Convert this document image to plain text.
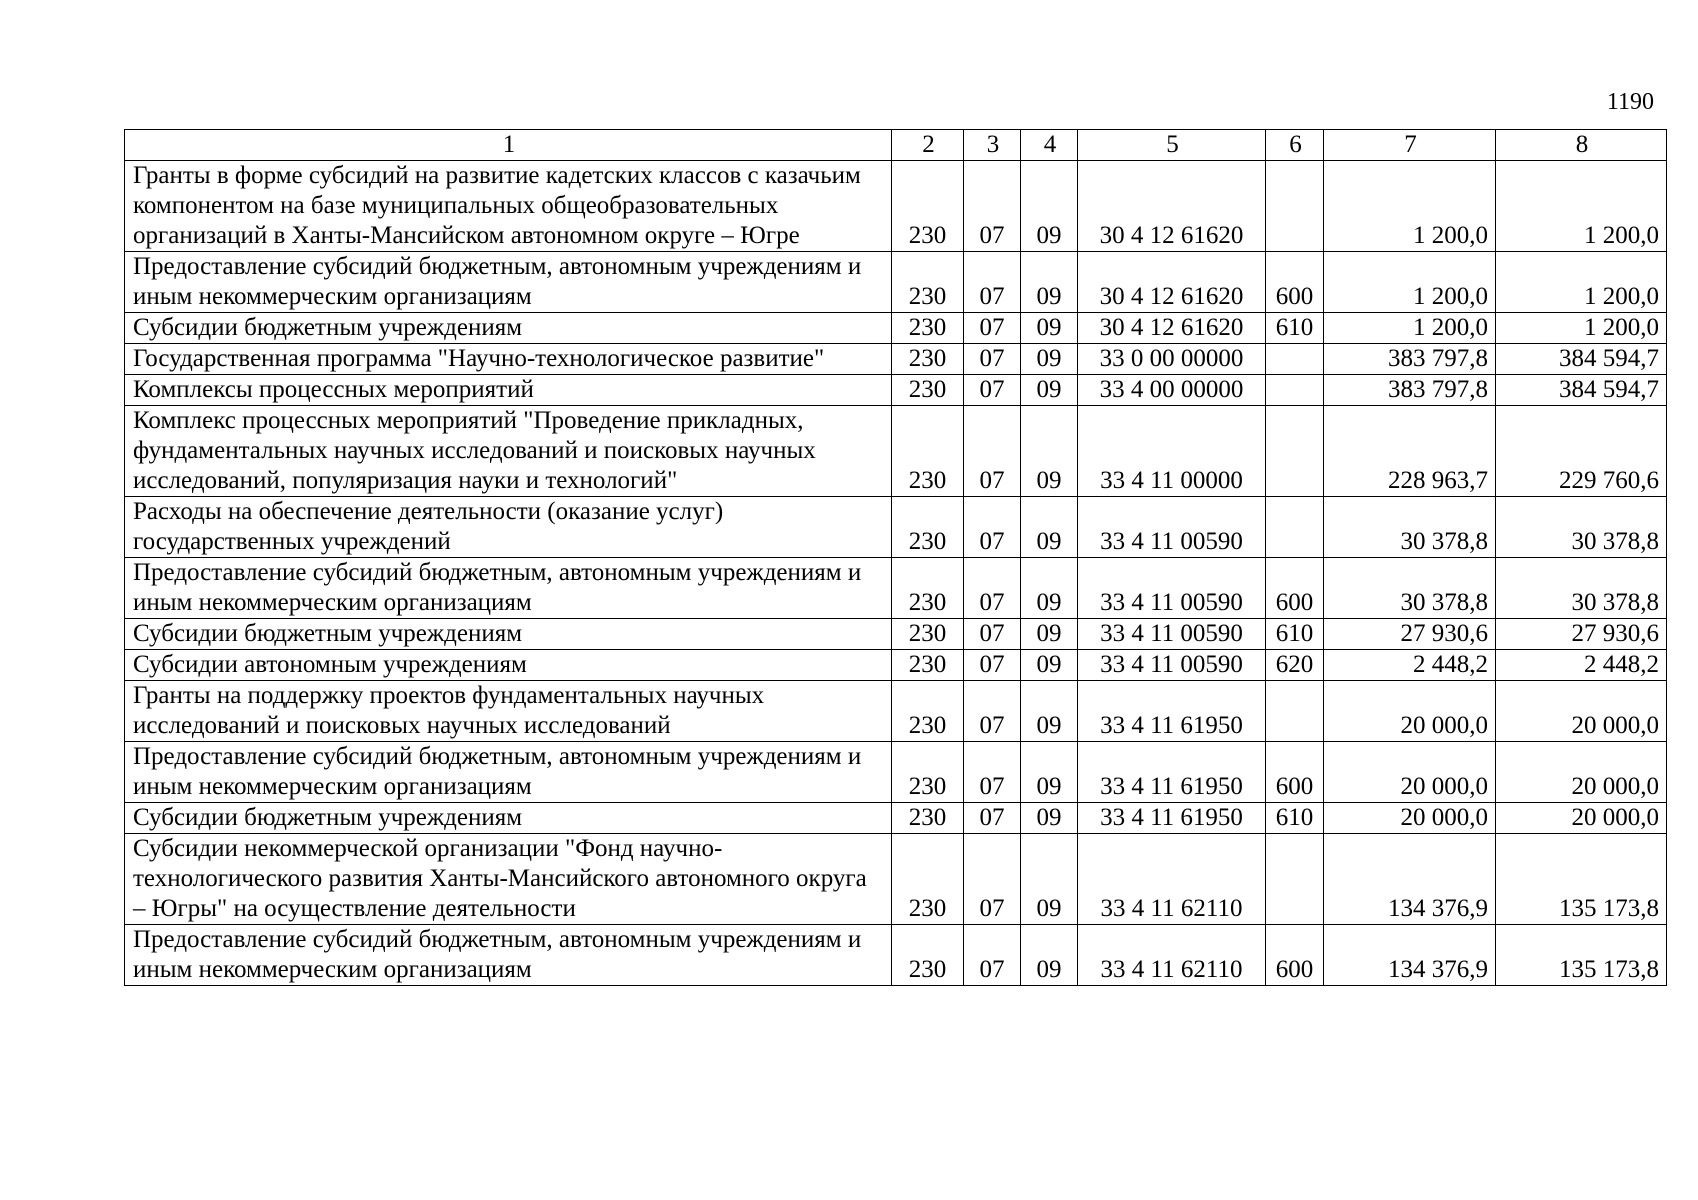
1190
1	2	3	4	5	6	7	8
Гранты в форме субсидий на развитие кадетских классов с казачьим компонентом на базе муниципальных общеобразовательных организаций в Ханты-Мансийском автономном округе – Югре	230	07	09	30 4 12 61620		1 200,0	1 200,0
Предоставление субсидий бюджетным, автономным учреждениям и иным некоммерческим организациям	230	07	09	30 4 12 61620	600	1 200,0	1 200,0
Субсидии бюджетным учреждениям	230	07	09	30 4 12 61620	610	1 200,0	1 200,0
Государственная программа "Научно-технологическое развитие"	230	07	09	33 0 00 00000		383 797,8	384 594,7
Комплексы процессных мероприятий	230	07	09	33 4 00 00000		383 797,8	384 594,7
Комплекс процессных мероприятий "Проведение прикладных, фундаментальных научных исследований и поисковых научных исследований, популяризация науки и технологий"	230	07	09	33 4 11 00000		228 963,7	229 760,6
Расходы на обеспечение деятельности (оказание услуг) государственных учреждений	230	07	09	33 4 11 00590		30 378,8	30 378,8
Предоставление субсидий бюджетным, автономным учреждениям и иным некоммерческим организациям	230	07	09	33 4 11 00590	600	30 378,8	30 378,8
Субсидии бюджетным учреждениям	230	07	09	33 4 11 00590	610	27 930,6	27 930,6
Субсидии автономным учреждениям	230	07	09	33 4 11 00590	620	2 448,2	2 448,2
Гранты на поддержку проектов фундаментальных научных исследований и поисковых научных исследований	230	07	09	33 4 11 61950		20 000,0	20 000,0
Предоставление субсидий бюджетным, автономным учреждениям и иным некоммерческим организациям	230	07	09	33 4 11 61950	600	20 000,0	20 000,0
Субсидии бюджетным учреждениям	230	07	09	33 4 11 61950	610	20 000,0	20 000,0
Субсидии некоммерческой организации "Фонд научно-технологического развития Ханты-Мансийского автономного округа – Югры" на осуществление деятельности	230	07	09	33 4 11 62110		134 376,9	135 173,8
Предоставление субсидий бюджетным, автономным учреждениям и иным некоммерческим организациям	230	07	09	33 4 11 62110	600	134 376,9	135 173,8
